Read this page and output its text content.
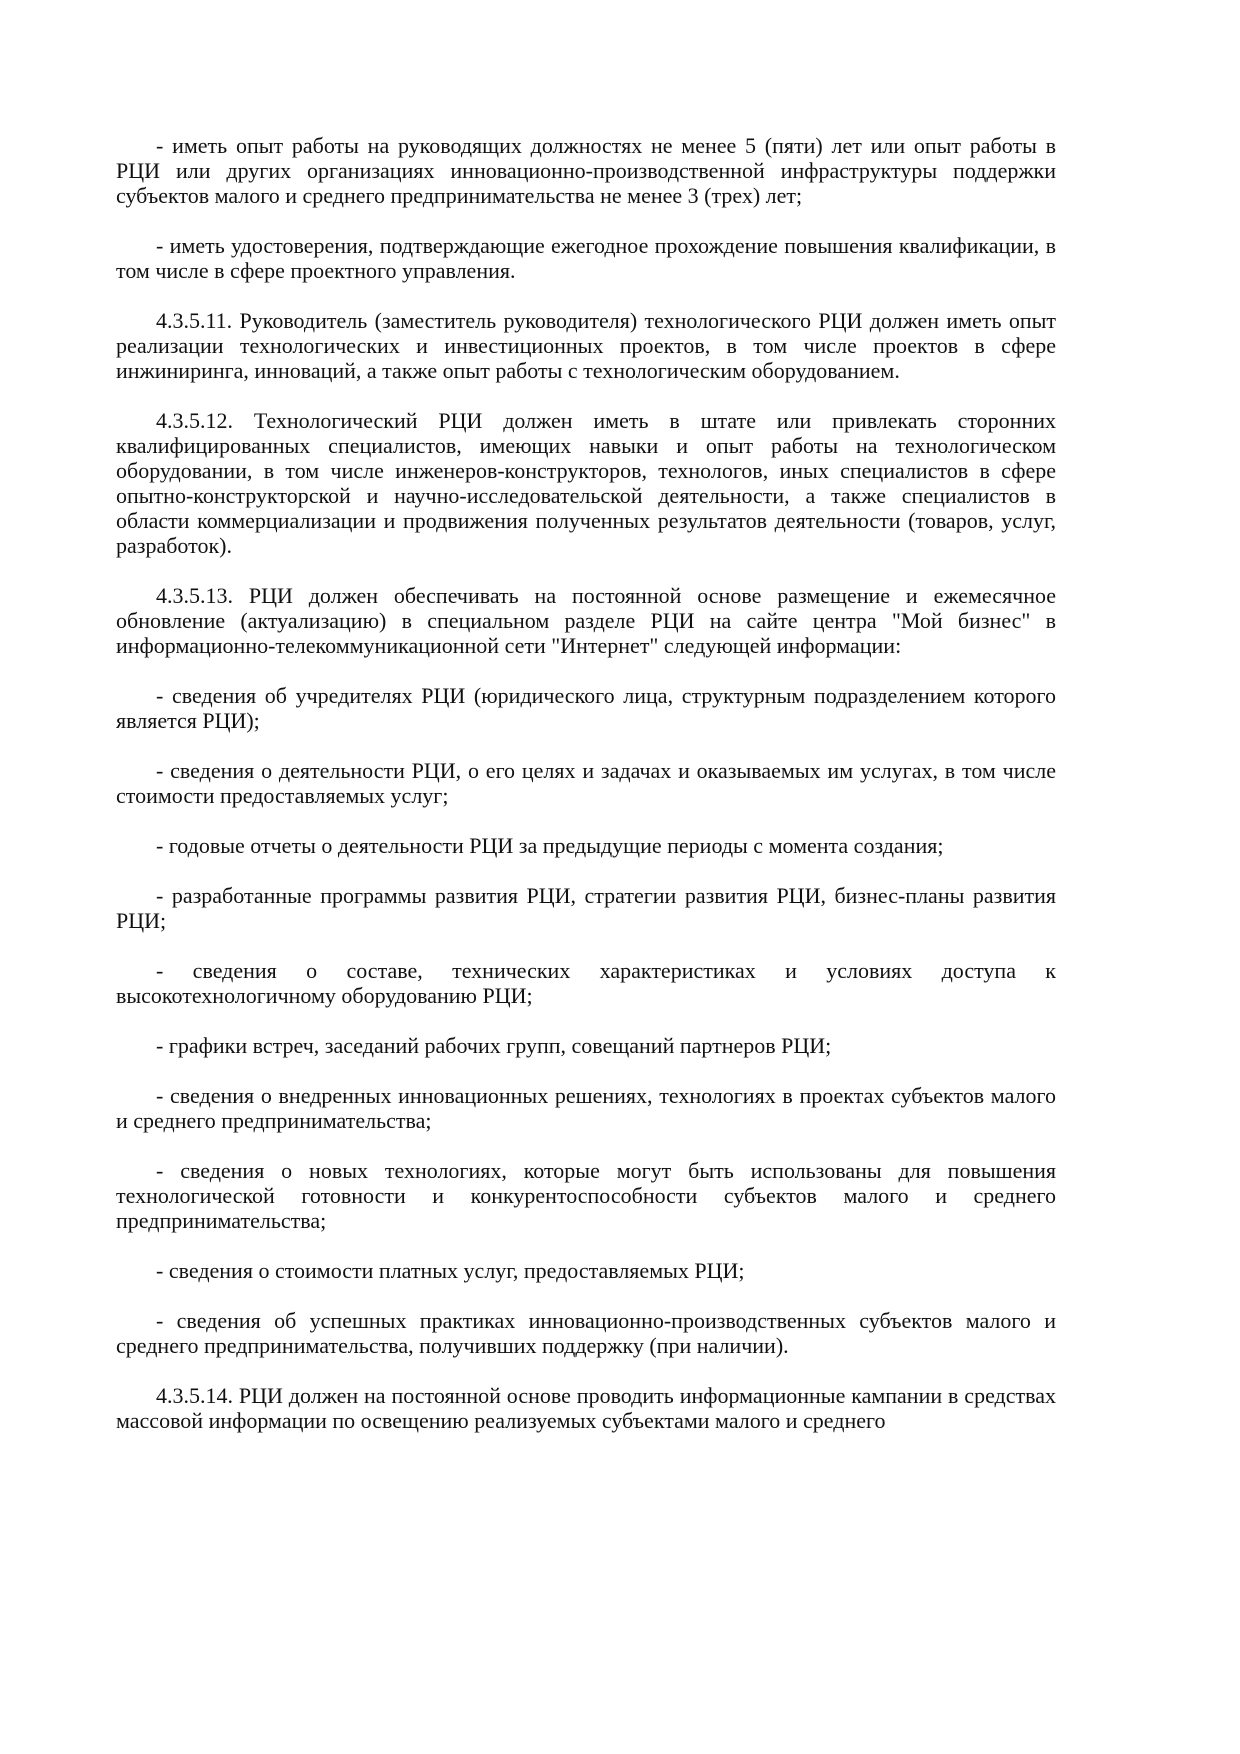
- иметь опыт работы на руководящих должностях не менее 5 (пяти) лет или опыт работы в РЦИ или других организациях инновационно-производственной инфраструктуры поддержки субъектов малого и среднего предпринимательства не менее 3 (трех) лет;

- иметь удостоверения, подтверждающие ежегодное прохождение повышения квалификации, в том числе в сфере проектного управления.

4.3.5.11. Руководитель (заместитель руководителя) технологического РЦИ должен иметь опыт реализации технологических и инвестиционных проектов, в том числе проектов в сфере инжиниринга, инноваций, а также опыт работы с технологическим оборудованием.

4.3.5.12. Технологический РЦИ должен иметь в штате или привлекать сторонних квалифицированных специалистов, имеющих навыки и опыт работы на технологическом оборудовании, в том числе инженеров-конструкторов, технологов, иных специалистов в сфере опытно-конструкторской и научно-исследовательской деятельности, а также специалистов в области коммерциализации и продвижения полученных результатов деятельности (товаров, услуг, разработок).

4.3.5.13. РЦИ должен обеспечивать на постоянной основе размещение и ежемесячное обновление (актуализацию) в специальном разделе РЦИ на сайте центра "Мой бизнес" в информационно-телекоммуникационной сети "Интернет" следующей информации:

- сведения об учредителях РЦИ (юридического лица, структурным подразделением которого является РЦИ);

- сведения о деятельности РЦИ, о его целях и задачах и оказываемых им услугах, в том числе стоимости предоставляемых услуг;

- годовые отчеты о деятельности РЦИ за предыдущие периоды с момента создания;

- разработанные программы развития РЦИ, стратегии развития РЦИ, бизнес-планы развития РЦИ;

- сведения о составе, технических характеристиках и условиях доступа к высокотехнологичному оборудованию РЦИ;

- графики встреч, заседаний рабочих групп, совещаний партнеров РЦИ;

- сведения о внедренных инновационных решениях, технологиях в проектах субъектов малого и среднего предпринимательства;

- сведения о новых технологиях, которые могут быть использованы для повышения технологической готовности и конкурентоспособности субъектов малого и среднего предпринимательства;

- сведения о стоимости платных услуг, предоставляемых РЦИ;

- сведения об успешных практиках инновационно-производственных субъектов малого и среднего предпринимательства, получивших поддержку (при наличии).

4.3.5.14. РЦИ должен на постоянной основе проводить информационные кампании в средствах массовой информации по освещению реализуемых субъектами малого и среднего
